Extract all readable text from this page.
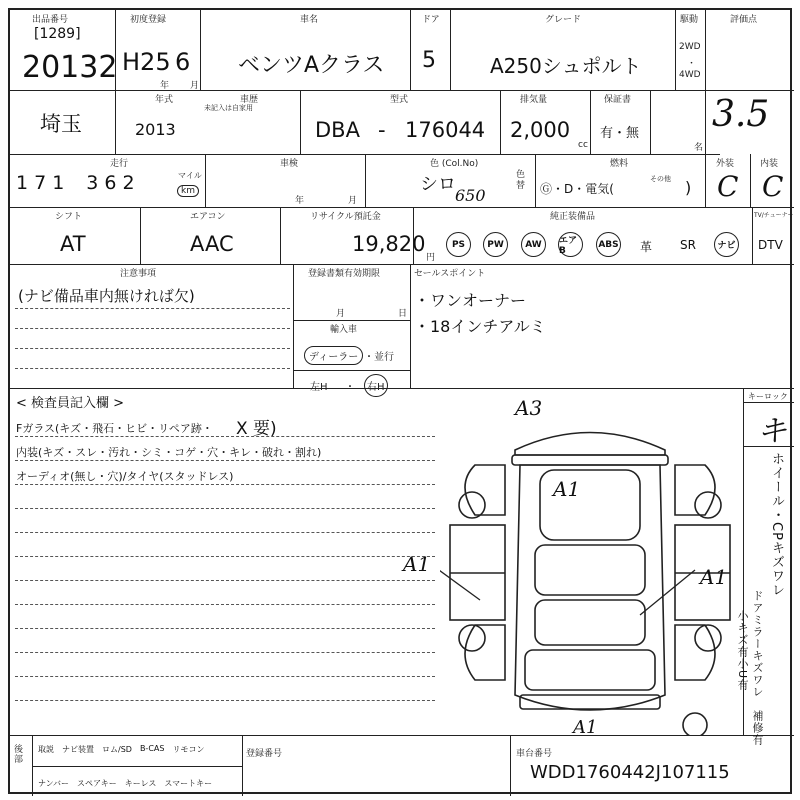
出品番号
[1289]
20132
初度登録
H25 6
年 月
車名
ベンツAクラス
ドア
5
グレード
A250シュポルト
駆動
2WD
・
4WD
評価点
3.5
埼玉
年式
2013
車歴
未記入は自家用
型式
DBA - 176044
排気量
2,000
cc
保証書
有・無
名
走行
1 7 1 3 6 2	マイル
km
車検
年	月
色 (Col.No)
シロ
650
色替
燃料
Ⓖ・D・電気(
その他 )
外装
C
内装
C
シフト
AT
エアコン
AAC
リサイクル預託金
19,820
円
純正装備品
PS	PW	AW	エアB
ABS 革 SR	ナビ DTV
TV/チューナー
注意事項
(ナビ備品車内無ければ欠)
登録書類有効期限
月	日
輸入車
ディーラー ・並行
左H ・	右H
セールスポイント
・ワンオーナー
・18インチアルミ
< 検査員記入欄 >
Fガラス(キズ・飛石・ヒビ・リペア跡・ X 要)
内装(キズ・スレ・汚れ・シミ・コゲ・穴・キレ・破れ・割れ)
オーディオ(無し・穴)/タイヤ(スタッドレス)
A3
A1
A1
A1
A1
キーロック
キ
ホイール・CPキズワレ
ドアミラーキズワレ
小キズ有
小U有
補修有
後部
取説 ナビ装置 ロム/SD B-CAS リモコン
ナンバー スペアキー キーレス スマートキー
登録番号	車台番号
WDD1760442J107115
